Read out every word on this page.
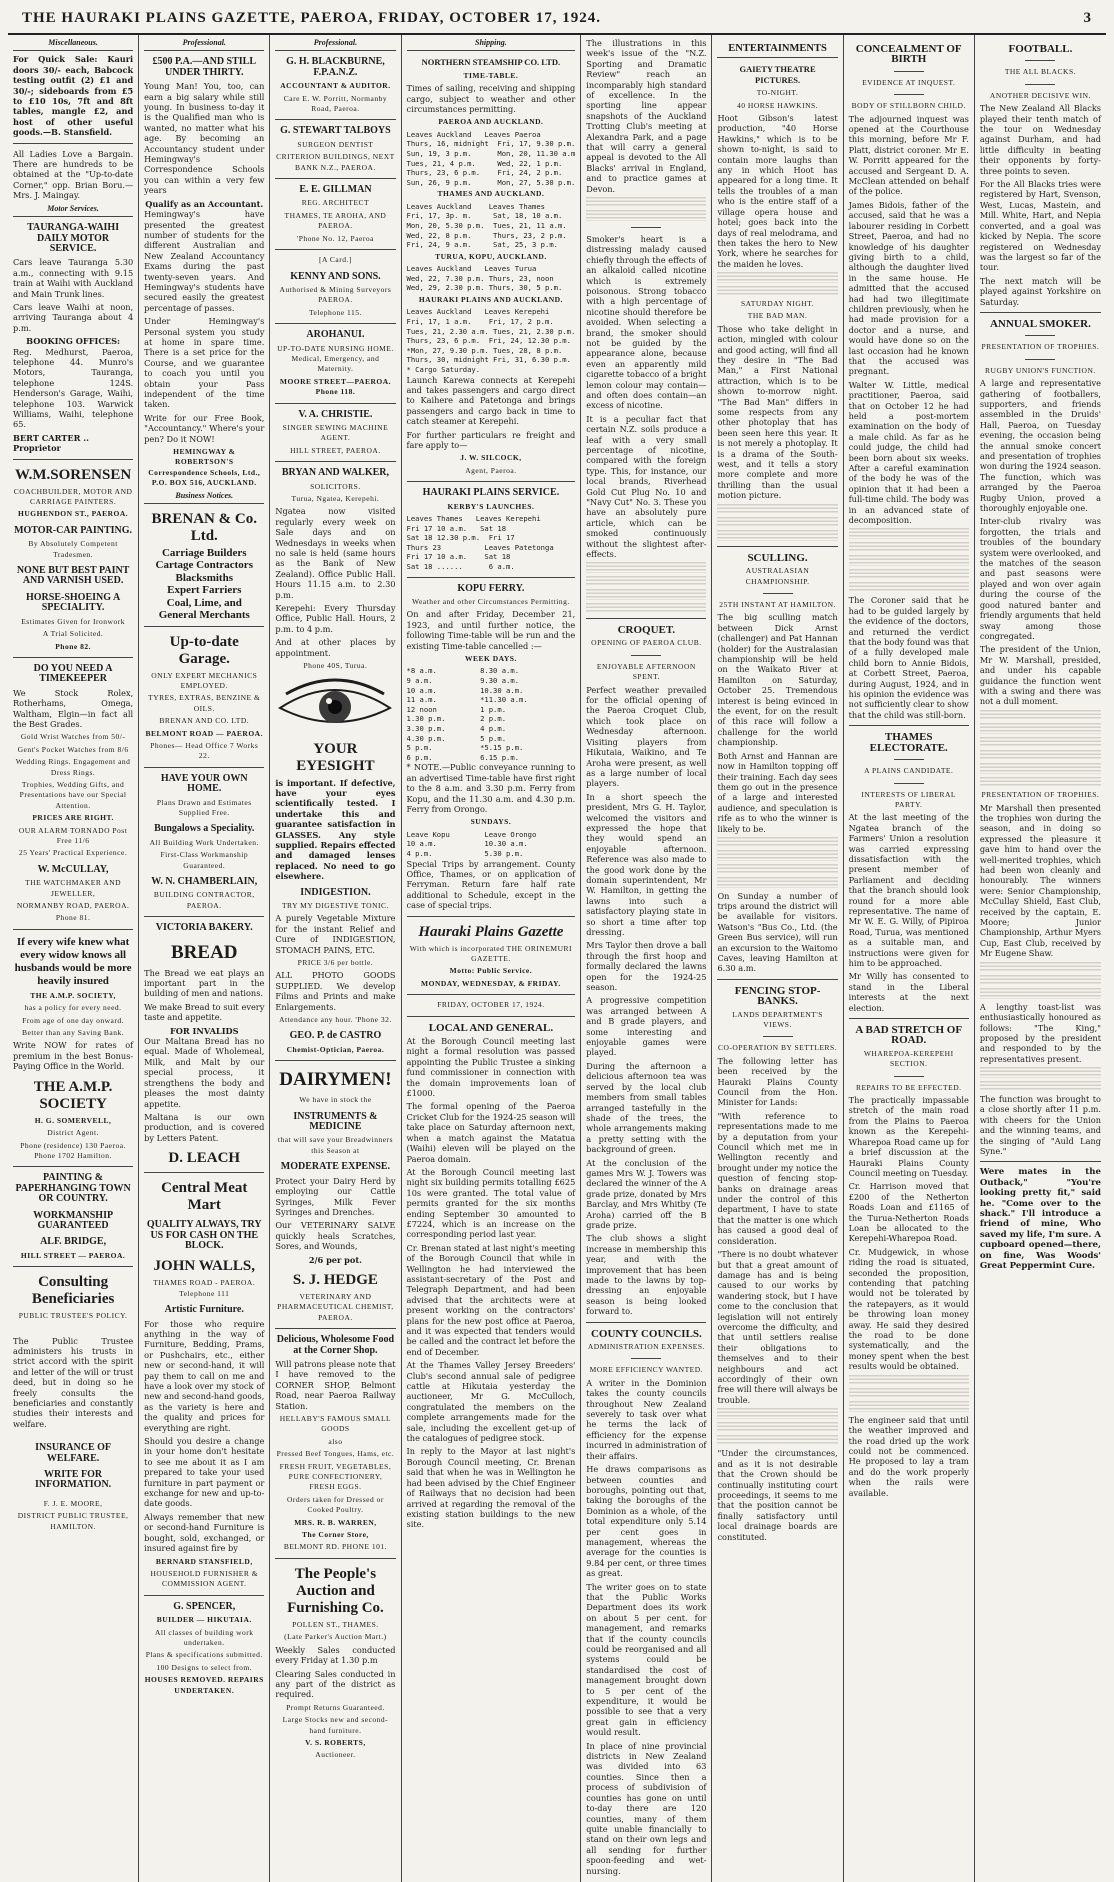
THE HAURAKI PLAINS GAZETTE, PAEROA, FRIDAY, OCTOBER 17, 1924.	3
Miscellaneous.

For Quick Sale: Kauri doors 30/- each, Babcock testing outfit (2) £1 and 30/-; sideboards from £5 to £10 10s, 7ft and 8ft tables, mangle £2, and host of other useful goods.—B. Stansfield.

All Ladies Love a Bargain. There are hundreds to be obtained at the "Up-to-date Corner," opp. Brian Boru.—Mrs. J. Maingay.

Motor Services.
TAURANGA-WAIHI DAILY MOTOR SERVICE.

Cars leave Tauranga 5.30 a.m., connecting with 9.15 train at Waihi with Auckland and Main Trunk lines.

Cars leave Waihi at noon, arriving Tauranga about 4 p.m.

BOOKING OFFICES:

Reg. Medhurst, Paeroa, telephone 44. Munro's Motors, Tauranga, telephone 124S. Henderson's Garage, Waihi, telephone 103. Warwick Williams, Waihi, telephone 65.

BERT CARTER .. Proprietor
W.M.SORENSEN
COACHBUILDER, MOTOR AND CARRIAGE PAINTERS.
HUGHENDON ST., PAEROA.
MOTOR-CAR PAINTING.
By Absolutely Competent Tradesmen.
NONE BUT BEST PAINT AND VARNISH USED.
HORSE-SHOEING A SPECIALITY.
Estimates Given for Ironwork
A Trial Solicited.
Phone 82.
DO YOU NEED A TIMEKEEPER

We Stock Rolex, Rotherhams, Omega, Waltham, Elgin—in fact all the Best Grades.

Gold Wrist Watches from 50/-
Gent's Pocket Watches from 8/6
Wedding Rings. Engagement and Dress Rings.
Trophies, Wedding Gifts, and Presentations have our Special Attention.
PRICES ARE RIGHT.
OUR ALARM TORNADO Post Free 11/6
25 Years' Practical Experience.
W. McCULLAY,
THE WATCHMAKER AND JEWELLER,
NORMANBY ROAD, PAEROA.
Phone 81.
If every wife knew what every widow knows all husbands would be more heavily insured
THE A.M.P. SOCIETY,
has a policy for every need.
From age of one day onward.
Better than any Saving Bank.

Write NOW for rates of premium in the best Bonus-Paying Office in the World.

THE A.M.P. SOCIETY
H. G. SOMERVELL,
District Agent.
Phone (residence) 130 Paeroa. Phone 1702 Hamilton.
PAINTING & PAPERHANGING TOWN OR COUNTRY.
WORKMANSHIP GUARANTEED
ALF. BRIDGE,
HILL STREET — PAEROA.
Consulting Beneficiaries
PUBLIC TRUSTEE'S POLICY.

The Public Trustee administers his trusts in strict accord with the spirit and letter of the will or trust deed, but in doing so he freely consults the beneficiaries and constantly studies their interests and welfare.

INSURANCE OF WELFARE.
WRITE FOR INFORMATION.
F. J. E. MOORE,
DISTRICT PUBLIC TRUSTEE, HAMILTON.
Professional.
£500 P.A.—AND STILL UNDER THIRTY.

Young Man! You, too, can earn a big salary while still young. In business to-day it is the Qualified man who is wanted, no matter what his age. By becoming an Accountancy student under Hemingway's Correspondence Schools you can within a very few years

Qualify as an Accountant.

Hemingway's have presented the greatest number of students for the different Australian and New Zealand Accountancy Exams during the past twenty-seven years. And Hemingway's students have secured easily the greatest percentage of passes.

Under Hemingway's Personal system you study at home in spare time. There is a set price for the Course, and we guarantee to coach you until you obtain your Pass independent of the time taken.

Write for our Free Book, "Accountancy." Where's your pen? Do it NOW!

HEMINGWAY & ROBERTSON'S Correspondence Schools, Ltd., P.O. BOX 516, AUCKLAND.
Business Notices.
BRENAN & Co. Ltd.
Carriage Builders
Cartage Contractors
Blacksmiths
Expert Farriers
Coal, Lime, and
General Merchants
Up-to-date Garage.
ONLY EXPERT MECHANICS EMPLOYED.
TYRES, EXTRAS, BENZINE & OILS.
BRENAN AND CO. LTD.
BELMONT ROAD — PAEROA.
Phones— Head Office 7 Works 22.
HAVE YOUR OWN HOME.
Plans Drawn and Estimates Supplied Free.
Bungalows a Speciality.
All Building Work Undertaken.
First-Class Workmanship Guaranteed.
W. N. CHAMBERLAIN,
BUILDING CONTRACTOR, PAEROA.
VICTORIA BAKERY.
BREAD

The Bread we eat plays an important part in the building of men and nations.

We make Bread to suit every taste and appetite.

FOR INVALIDS

Our Maltana Bread has no equal. Made of Wholemeal, Milk, and Malt by our special process, it strengthens the body and pleases the most dainty appetite.

Maltana is our own production, and is covered by Letters Patent.

D. LEACH
Central Meat Mart
QUALITY ALWAYS, TRY US FOR CASH ON THE BLOCK.
JOHN WALLS,
THAMES ROAD - PAEROA. Telephone 111
Artistic Furniture.

For those who require anything in the way of Furniture, Bedding, Prams, or Pushchairs, etc., either new or second-hand, it will pay them to call on me and have a look over my stock of new and second-hand goods, as the variety is here and the quality and prices for everything are right.

Should you desire a change in your home don't hesitate to see me about it as I am prepared to take your used furniture in part payment or exchange for new and up-to-date goods.

Always remember that new or second-hand Furniture is bought, sold, exchanged, or insured against fire by

BERNARD STANSFIELD,
HOUSEHOLD FURNISHER & COMMISSION AGENT.
G. SPENCER,
BUILDER — HIKUTAIA.
All classes of building work undertaken.
Plans & specifications submitted.
100 Designs to select from.
HOUSES REMOVED. REPAIRS UNDERTAKEN.
Professional.
G. H. BLACKBURNE, F.P.A.N.Z.
ACCOUNTANT & AUDITOR.
Care E. W. Porritt, Normanby Road, Paeroa.
G. STEWART TALBOYS
SURGEON DENTIST
CRITERION BUILDINGS, NEXT BANK N.Z., PAEROA.
E. E. GILLMAN
REG. ARCHITECT
THAMES, TE AROHA, AND PAEROA.
'Phone No. 12, Paeroa
[A Card.]
KENNY AND SONS.
Authorised & Mining Surveyors PAEROA.
Telephone 115.
AROHANUI.
UP-TO-DATE NURSING HOME. Medical, Emergency, and Maternity.
MOORE STREET—PAEROA. Phone 118.
V. A. CHRISTIE.
SINGER SEWING MACHINE AGENT.
HILL STREET, PAEROA.
BRYAN AND WALKER,
SOLICITORS.
Turua, Ngatea, Kerepehi.

Ngatea now visited regularly every week on Sale days and on Wednesdays in weeks when no sale is held (same hours as the Bank of New Zealand). Office Public Hall. Hours 11.15 a.m. to 2.30 p.m.

Kerepehi: Every Thursday Office, Public Hall. Hours, 2 p.m. to 4 p.m.

And at other places by appointment.

Phone 40S, Turua.
YOUR EYESIGHT

is important. If defective, have your eyes scientifically tested. I undertake this and guarantee satisfaction in GLASSES. Any style supplied. Repairs effected and damaged lenses replaced. No need to go elsewhere.

INDIGESTION.
TRY MY DIGESTIVE TONIC.

A purely Vegetable Mixture for the instant Relief and Cure of INDIGESTION, STOMACH PAINS, ETC.

PRICE 3/6 per bottle.

ALL PHOTO GOODS SUPPLIED. We develop Films and Prints and make Enlargements.

Attendance any hour. 'Phone 32.
GEO. P. de CASTRO
Chemist-Optician, Paeroa.
DAIRYMEN!
We have in stock the
INSTRUMENTS & MEDICINE
that will save your Breadwinners this Season at
MODERATE EXPENSE.

Protect your Dairy Herd by employing our Cattle Syringes, Milk Fever Syringes and Drenches.

Our VETERINARY SALVE quickly heals Scratches, Sores, and Wounds,

2/6 per pot.
S. J. HEDGE
VETERINARY AND PHARMACEUTICAL CHEMIST, PAEROA.
Delicious, Wholesome Food at the Corner Shop.

Will patrons please note that I have removed to the CORNER SHOP, Belmont Road, near Paeroa Railway Station.

HELLABY'S FAMOUS SMALL GOODS
also
Pressed Beef Tongues, Hams, etc.
FRESH FRUIT, VEGETABLES, PURE CONFECTIONERY, FRESH EGGS.
Orders taken for Dressed or Cooked Poultry.
MRS. R. B. WARREN,
The Corner Store,
BELMONT RD. PHONE 101.
The People's Auction and Furnishing Co.
POLLEN ST., THAMES.
(Late Parker's Auction Mart.)

Weekly Sales conducted every Friday at 1.30 p.m

Clearing Sales conducted in any part of the district as required.

Prompt Returns Guaranteed.
Large Stocks new and second-hand furniture.
V. S. ROBERTS,
Auctioneer.
Shipping.
NORTHERN STEAMSHIP CO. LTD.
TIME-TABLE.

Times of sailing, receiving and shipping cargo, subject to weather and other circumstances permitting.

PAEROA AND AUCKLAND.
Leaves Auckland   Leaves Paeroa
Thurs, 16, midnight  Fri, 17, 9.30 p.m.
Sun, 19, 3 p.m.      Mon, 20, 11.30 a.m
Tues, 21, 4 p.m.     Wed, 22, 1 p.m.
Thurs, 23, 6 p.m.    Fri, 24, 2 p.m.
Sun, 26, 9 p.m.      Mon, 27, 5.30 p.m.
THAMES AND AUCKLAND.
Leaves Auckland    Leaves Thames
Fri, 17, 3p. m.     Sat, 18, 10 a.m.
Mon, 20, 5.30 p.m.  Tues, 21, 11 a.m.
Wed, 22, 8 p.m.     Thurs, 23, 2 p.m.
Fri, 24, 9 a.m.     Sat, 25, 3 p.m.
TURUA, KOPU, AUCKLAND.
Leaves Auckland   Leaves Turua
Wed, 22, 7.30 p.m. Thurs, 23, noon
Wed, 29, 2.30 p.m. Thurs, 30, 5 p.m.
HAURAKI PLAINS AND AUCKLAND.
Leaves Auckland   Leaves Kerepehi
Fri, 17, 1 a.m.    Fri, 17, 2 p.m.
Tues, 21, 2.30 a.m. Tues, 21, 2.30 p.m.
Thurs, 23, 6 p.m.  Fri, 24, 12.30 p.m.
*Mon, 27, 9.30 p.m. Tues, 28, 8 p.m.
Thurs, 30, midnight Fri, 31, 6.30 p.m.
* Cargo Saturday.

Launch Karewa connects at Kerepehi and takes passengers and cargo direct to Kaihere and Patetonga and brings passengers and cargo back in time to catch steamer at Kerepehi.

For further particulars re freight and fare apply to—

J. W. SILCOCK,
Agent, Paeroa.
HAURAKI PLAINS SERVICE.
KERBY'S LAUNCHES.
Leaves Thames   Leaves Kerepehi
Fri 17 10 a.m.   Sat 18
Sat 18 12.30 p.m.  Fri 17
Thurs 23          Leaves Patetonga
Fri 17 10 a.m.    Sat 18
Sat 18 ......      6 a.m.
KOPU FERRY.
Weather and other Circumstances Permitting.

On and after Friday, December 21, 1923, and until further notice, the following Time-table will be run and the existing Time-table cancelled :—

WEEK DAYS.
*8 a.m.          8.30 a.m.
9 a.m.           9.30 a.m.
10 a.m.          10.30 a.m.
11 a.m.          *11.30 a.m.
12 noon          1 p.m.
1.30 p.m.        2 p.m.
3.30 p.m.        4 p.m.
4.30 p.m.        5 p.m.
5 p.m.           *5.15 p.m.
6 p.m.           6.15 p.m.

* NOTE.—Public conveyance running to an advertised Time-table have first right to the 8 a.m. and 3.30 p.m. Ferry from Kopu, and the 11.30 a.m. and 4.30 p.m. Ferry from Orongo.

SUNDAYS.
Leave Kopu        Leave Orongo
10 a.m.           10.30 a.m.
4 p.m.            5.30 p.m.

Special Trips by arrangement. County Office, Thames, or on application of Ferryman. Return fare half rate additional to Schedule, except in the case of special trips.

Hauraki Plains Gazette
With which is incorporated THE ORINEMURI GAZETTE.
Motto: Public Service.
MONDAY, WEDNESDAY, & FRIDAY.
FRIDAY, OCTOBER 17, 1924.
LOCAL AND GENERAL.

At the Borough Council meeting last night a formal resolution was passed appointing the Public Trustee a sinking fund commissioner in connection with the domain improvements loan of £1000.

The formal opening of the Paeroa Cricket Club for the 1924-25 season will take place on Saturday afternoon next, when a match against the Matatua (Waihi) eleven will be played on the Paeroa domain.

At the Borough Council meeting last night six building permits totalling £625 10s were granted. The total value of permits granted for the six months ending September 30 amounted to £7224, which is an increase on the corresponding period last year.

Cr. Brenan stated at last night's meeting of the Borough Council that while in Wellington he had interviewed the assistant-secretary of the Post and Telegraph Department, and had been advised that the architects were at present working on the contractors' plans for the new post office at Paeroa, and it was expected that tenders would be called and the contract let before the end of December.

At the Thames Valley Jersey Breeders' Club's second annual sale of pedigree cattle at Hikutaia yesterday the auctioneer, Mr G. McCulloch, congratulated the members on the complete arrangements made for the sale, including the excellent get-up of the catalogues of pedigree stock.

In reply to the Mayor at last night's Borough Council meeting, Cr. Brenan said that when he was in Wellington he had been advised by the Chief Engineer of Railways that no decision had been arrived at regarding the removal of the existing station buildings to the new site.

The illustrations in this week's issue of the "N.Z. Sporting and Dramatic Review" reach an incomparably high standard of excellence. In the sporting line appear snapshots of the Auckland Trotting Club's meeting at Alexandra Park, and a page that will carry a general appeal is devoted to the All Blacks' arrival in England, and to practice games at Devon.

Smoker's heart is a distressing malady caused chiefly through the effects of an alkaloid called nicotine which is extremely poisonous. Strong tobacco with a high percentage of nicotine should therefore be avoided. When selecting a brand, the smoker should not be guided by the appearance alone, because even an apparently mild cigarette tobacco of a bright lemon colour may contain—and often does contain—an excess of nicotine.

It is a peculiar fact that certain N.Z. soils produce a leaf with a very small percentage of nicotine, compared with the foreign type. This, for instance, our local brands, Riverhead Gold Cut Plug No. 10 and "Navy Cut" No. 3. These you have an absolutely pure article, which can be smoked continuously without the slightest after-effects.

CROQUET.
OPENING OF PAEROA CLUB.
ENJOYABLE AFTERNOON SPENT.

Perfect weather prevailed for the official opening of the Paeroa Croquet Club, which took place on Wednesday afternoon. Visiting players from Hikutaia, Waikino, and Te Aroha were present, as well as a large number of local players.

In a short speech the president, Mrs G. H. Taylor, welcomed the visitors and expressed the hope that they would spend an enjoyable afternoon. Reference was also made to the good work done by the domain superintendent, Mr W. Hamilton, in getting the lawns into such a satisfactory playing state in so short a time after top dressing.

Mrs Taylor then drove a ball through the first hoop and formally declared the lawns open for the 1924-25 season.

A progressive competition was arranged between A and B grade players, and some interesting and enjoyable games were played.

During the afternoon a delicious afternoon tea was served by the local club members from small tables arranged tastefully in the shade of the trees, the whole arrangements making a pretty setting with the background of green.

At the conclusion of the games Mrs W. J. Towers was declared the winner of the A grade prize, donated by Mrs Barclay, and Mrs Whitby (Te Aroha) carried off the B grade prize.

The club shows a slight increase in membership this year, and with the improvement that has been made to the lawns by top-dressing an enjoyable season is being looked forward to.

COUNTY COUNCILS.
ADMINISTRATION EXPENSES.
MORE EFFICIENCY WANTED.

A writer in the Dominion takes the county councils throughout New Zealand severely to task over what he terms the lack of efficiency for the expense incurred in administration of their affairs.

He draws comparisons as between counties and boroughs, pointing out that, taking the boroughs of the Dominion as a whole, of the total expenditure only 5.14 per cent goes in management, whereas the average for the counties is 9.84 per cent, or three times as great.

The writer goes on to state that the Public Works Department does its work on about 5 per cent. for management, and remarks that if the county councils could be reorganised and all systems could be standardised the cost of management brought down to 5 per cent of the expenditure, it would be possible to see that a very great gain in efficiency would result.

In place of nine provincial districts in New Zealand was divided into 63 counties. Since then a process of subdivision of counties has gone on until to-day there are 120 counties, many of them quite unable financially to stand on their own legs and all sending for further spoon-feeding and wet-nursing.

ENTERTAINMENTS
GAIETY THEATRE PICTURES.
TO-NIGHT.
40 HORSE HAWKINS.

Hoot Gibson's latest production, "40 Horse Hawkins," which is to be shown to-night, is said to contain more laughs than any in which Hoot has appeared for a long time. It tells the troubles of a man who is the entire staff of a village opera house and hotel; goes back into the days of real melodrama, and then takes the hero to New York, where he searches for the maiden he loves.

SATURDAY NIGHT.
THE BAD MAN.

Those who take delight in action, mingled with colour and good acting, will find all they desire in "The Bad Man," a First National attraction, which is to be shown to-morrow night. "The Bad Man" differs in some respects from any other photoplay that has been seen here this year. It is not merely a photoplay. It is a drama of the South-west, and it tells a story more complete and more thrilling than the usual motion picture.

SCULLING.
AUSTRALASIAN CHAMPIONSHIP.
25TH INSTANT AT HAMILTON.

The big sculling match between Dick Arnst (challenger) and Pat Hannan (holder) for the Australasian championship will be held on the Waikato River at Hamilton on Saturday, October 25. Tremendous interest is being evinced in the event, for on the result of this race will follow a challenge for the world championship.

Both Arnst and Hannan are now in Hamilton topping off their training. Each day sees them go out in the presence of a large and interested audience, and speculation is rife as to who the winner is likely to be.

On Sunday a number of trips around the district will be available for visitors. Watson's "Bus Co., Ltd. (the Green Bus service), will run an excursion to the Waitomo Caves, leaving Hamilton at 6.30 a.m.

FENCING STOP-BANKS.
LANDS DEPARTMENT'S VIEWS.
CO-OPERATION BY SETTLERS.

The following letter has been received by the Hauraki Plains County Council from the Hon. Minister for Lands:

"With reference to representations made to me by a deputation from your Council which met me in Wellington recently and brought under my notice the question of fencing stop-banks on drainage areas under the control of this department, I have to state that the matter is one which has caused a good deal of consideration.

"There is no doubt whatever but that a great amount of damage has and is being caused to our works by wandering stock, but I have come to the conclusion that legislation will not entirely overcome the difficulty, and that until settlers realise their obligations to themselves and to their neighbours and act accordingly of their own free will there will always be trouble.

"Under the circumstances, and as it is not desirable that the Crown should be continually instituting court proceedings, it seems to me that the position cannot be finally satisfactory until local drainage boards are constituted.

CONCEALMENT OF BIRTH
EVIDENCE AT INQUEST.
BODY OF STILLBORN CHILD.

The adjourned inquest was opened at the Courthouse this morning, before Mr F. Platt, district coroner. Mr E. W. Porritt appeared for the accused and Sergeant D. A. McClean attended on behalf of the police.

James Bidois, father of the accused, said that he was a labourer residing in Corbett Street, Paeroa, and had no knowledge of his daughter giving birth to a child, although the daughter lived in the same house. He admitted that the accused had had two illegitimate children previously, when he had made provision for a doctor and a nurse, and would have done so on the last occasion had he known that the accused was pregnant.

Walter W. Little, medical practitioner, Paeroa, said that on October 12 he had held a post-mortem examination on the body of a male child. As far as he could judge, the child had been born about six weeks. After a careful examination of the body he was of the opinion that it had been a full-time child. The body was in an advanced state of decomposition.

The Coroner said that he had to be guided largely by the evidence of the doctors, and returned the verdict that the body found was that of a fully developed male child born to Annie Bidois, at Corbett Street, Paeroa, during August, 1924, and in his opinion the evidence was not sufficiently clear to show that the child was still-born.

THAMES ELECTORATE.
A PLAINS CANDIDATE.
INTERESTS OF LIBERAL PARTY.

At the last meeting of the Ngatea branch of the Farmers' Union a resolution was carried expressing dissatisfaction with the present member of Parliament and deciding that the branch should look round for a more able representative. The name of Mr W. E. G. Willy, of Pipiroa Road, Turua, was mentioned as a suitable man, and instructions were given for him to be approached.

Mr Willy has consented to stand in the Liberal interests at the next election.

A BAD STRETCH OF ROAD.
WHAREPOA-KEREPEHI SECTION.
REPAIRS TO BE EFFECTED.

The practically impassable stretch of the main road from the Plains to Paeroa known as the Kerepehi-Wharepoa Road came up for a brief discussion at the Hauraki Plains County Council meeting on Tuesday.

Cr. Harrison moved that £200 of the Netherton Roads Loan and £1165 of the Turua-Netherton Roads Loan be allocated to the Kerepehi-Wharepoa Road.

Cr. Mudgewick, in whose riding the road is situated, seconded the proposition, contending that patching would not be tolerated by the ratepayers, as it would be throwing loan money away. He said they desired the road to be done systematically, and the money spent when the best results would be obtained.

The engineer said that until the weather improved and the road dried up the work could not be commenced. He proposed to lay a tram and do the work properly when the rails were available.

FOOTBALL.
THE ALL BLACKS.
ANOTHER DECISIVE WIN.

The New Zealand All Blacks played their tenth match of the tour on Wednesday against Durham, and had little difficulty in beating their opponents by forty-three points to seven.

For the All Blacks tries were registered by Hart, Svenson, West, Lucas, Mastein, and Mill. White, Hart, and Nepia converted, and a goal was kicked by Nepia. The score registered on Wednesday was the largest so far of the tour.

The next match will be played against Yorkshire on Saturday.

ANNUAL SMOKER.
PRESENTATION OF TROPHIES.
RUGBY UNION'S FUNCTION.

A large and representative gathering of footballers, supporters, and friends assembled in the Druids' Hall, Paeroa, on Tuesday evening, the occasion being the annual smoke concert and presentation of trophies won during the 1924 season. The function, which was arranged by the Paeroa Rugby Union, proved a thoroughly enjoyable one.

Inter-club rivalry was forgotten, the trials and troubles of the boundary system were overlooked, and the matches of the season and past seasons were played and won over again during the course of the good natured banter and friendly arguments that held sway among those congregated.

The president of the Union, Mr W. Marshall, presided, and under his capable guidance the function went with a swing and there was not a dull moment.

PRESENTATION OF TROPHIES.

Mr Marshall then presented the trophies won during the season, and in doing so expressed the pleasure it gave him to hand over the well-merited trophies, which had been won cleanly and honourably. The winners were: Senior Championship, McCullay Shield, East Club, received by the captain, E. Moore; Junior Championship, Arthur Myers Cup, East Club, received by Mr Eugene Shaw.

A lengthy toast-list was enthusiastically honoured as follows: "The King," proposed by the president and responded to by the representatives present.

The function was brought to a close shortly after 11 p.m. with cheers for the Union and the winning teams, and the singing of "Auld Lang Syne."

Were mates in the Outback," "You're looking pretty fit," said he. "Come over to the shack." I'll introduce a friend of mine, Who saved my life, I'm sure. A cupboard opened—there, on fine, Was Woods' Great Peppermint Cure.
